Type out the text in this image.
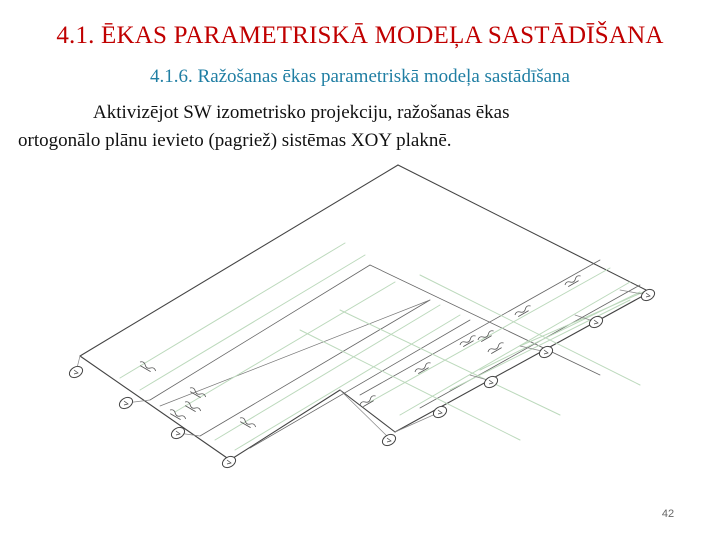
4.1. ĒKAS PARAMETRISKĀ MODEĻA SASTĀDĪŠANA
4.1.6. Ražošanas ēkas parametriskā modeļa sastādīšana
Aktivizējot SW izometrisko projekciju, ražošanas ēkas
ortogonālo plānu ievieto (pagriež) sistēmas XOY plaknē.
42
